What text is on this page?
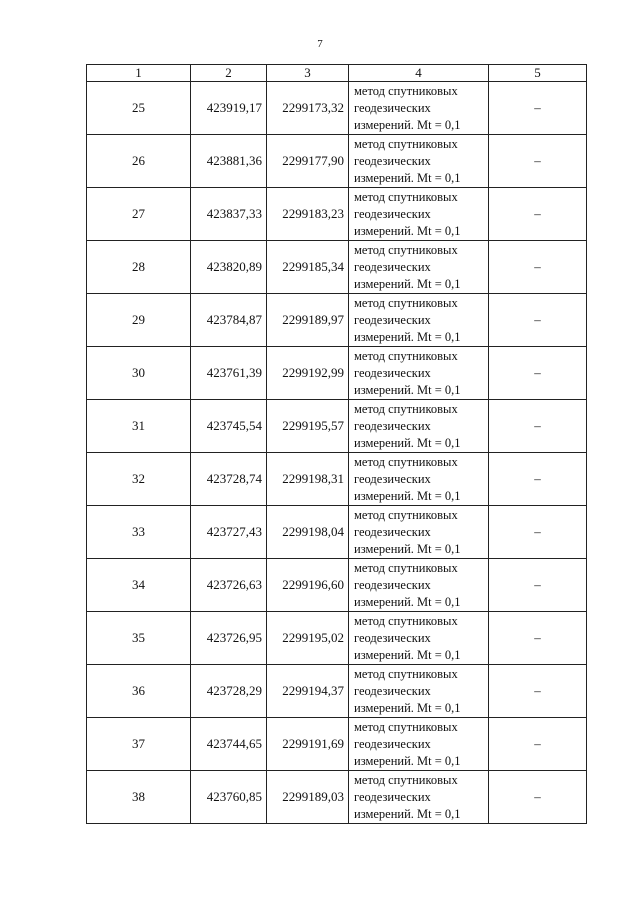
7
1	2	3	4	5
25	423919,17	2299173,32	метод спутниковых
геодезических
измерений. Mt = 0,1	–
26	423881,36	2299177,90	метод спутниковых
геодезических
измерений. Mt = 0,1	–
27	423837,33	2299183,23	метод спутниковых
геодезических
измерений. Mt = 0,1	–
28	423820,89	2299185,34	метод спутниковых
геодезических
измерений. Mt = 0,1	–
29	423784,87	2299189,97	метод спутниковых
геодезических
измерений. Mt = 0,1	–
30	423761,39	2299192,99	метод спутниковых
геодезических
измерений. Mt = 0,1	–
31	423745,54	2299195,57	метод спутниковых
геодезических
измерений. Mt = 0,1	–
32	423728,74	2299198,31	метод спутниковых
геодезических
измерений. Mt = 0,1	–
33	423727,43	2299198,04	метод спутниковых
геодезических
измерений. Mt = 0,1	–
34	423726,63	2299196,60	метод спутниковых
геодезических
измерений. Mt = 0,1	–
35	423726,95	2299195,02	метод спутниковых
геодезических
измерений. Mt = 0,1	–
36	423728,29	2299194,37	метод спутниковых
геодезических
измерений. Mt = 0,1	–
37	423744,65	2299191,69	метод спутниковых
геодезических
измерений. Mt = 0,1	–
38	423760,85	2299189,03	метод спутниковых
геодезических
измерений. Mt = 0,1	–
